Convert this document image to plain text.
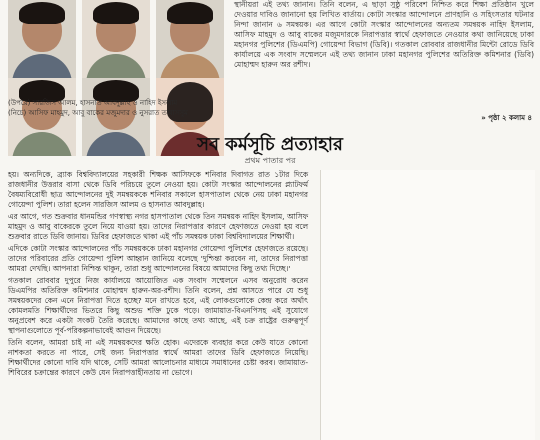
(উপরে) সারজিস আলম, হাসনাত আবদুল্লাহ ও নাহিদ ইসলাম
(নিচে) আসিফ মাহমুদ, আবু বাকের মজুমদার ও নুসরাত তাবাসসুম

স্থানীয়রা এই তথ্য জানান। তিনি বলেন, এ ছাড়া সুষ্ঠু পরিবেশ নিশ্চিত করে শিক্ষা প্রতিষ্ঠান খুলে দেওয়ার দাবিও জানানো হয় লিখিত বার্তায়। কোটা সংস্কার আন্দোলনে প্রাণহানি ও সহিংসতার ঘটনার নিন্দা জানান ৬ সমন্বয়ক। এর আগে কোটা সংস্কার আন্দোলনের অন্যতম সমন্বয়ক নাহিদ ইসলাম, আসিফ মাহমুদ ও আবু বাকের মজুমদারকে নিরাপত্তার স্বার্থে হেফাজতে নেওয়ার কথা জানিয়েছে ঢাকা মহানগর পুলিশের (ডিএমপি) গোয়েন্দা বিভাগ (ডিবি)। গতকাল রোববার রাজধানীর মিন্টো রোডে ডিবি কার্যালয়ে এক সংবাদ সম্মেলনে এই তথ্য জানান ঢাকা মহানগর পুলিশের অতিরিক্ত কমিশনার (ডিবি) মোহাম্মদ হারুন অর রশীদ।

» পৃষ্ঠা ২ কলাম ৪
সব কর্মসূচি প্রত্যাহার
প্রথম পাতার পর

হয়। অন্যদিকে, ব্র্যাক বিশ্ববিদ্যালয়ের সহকারী শিক্ষক আসিফকে শনিবার দিবাগত রাত ১টার দিকে রাজধানীর উত্তরার বাসা থেকে ডিবি পরিচয়ে তুলে নেওয়া হয়। কোটা সংস্কার আন্দোলনের প্ল্যাটফর্ম বৈষম্যবিরোধী ছাত্র আন্দোলনের দুই সমন্বয়ককে শনিবার সকালে হাসপাতাল থেকে নেয় ঢাকা মহানগর গোয়েন্দা পুলিশ। তারা হলেন সারজিস আলম ও হাসনাত আবদুল্লাহ।

এর আগে, গত শুক্রবার ধানমন্ডির গণস্বাস্থ্য নগর হাসপাতাল থেকে তিন সমন্বয়ক নাহিদ ইসলাম, আসিফ মাহমুদ ও আবু বাকেরকে তুলে নিয়ে যাওয়া হয়। তাদের নিরাপত্তার কারণে হেফাজতে নেওয়া হয় বলে শুক্রবার রাতে ডিবি জানায়। ডিবির হেফাজতে থাকা এই পাঁচ সমন্বয়ক ঢাকা বিশ্ববিদ্যালয়ের শিক্ষার্থী।

এদিকে কোটা সংস্কার আন্দোলনের পাঁচ সমন্বয়ককে ঢাকা মহানগর গোয়েন্দা পুলিশের হেফাজতে রয়েছে। তাদের পরিবারের প্রতি গোয়েন্দা পুলিশ আহ্বান জানিয়ে বলেছে 'দুশ্চিন্তা করবেন না, তাদের নিরাপত্তা আমরা দেখছি। আপনারা নিশ্চিন্ত থাকুন, তারা শুধু আন্দোলনের বিষয়ে আমাদের কিছু তথ্য দিচ্ছে।'

গতকাল রোববার দুপুরে নিজ কার্যালয়ে আয়োজিত এক সংবাদ সম্মেলনে এসব অনুরোধ করেন ডিএমপির অতিরিক্ত কমিশনার মোহাম্মদ হারুন-অর-রশীদ। তিনি বলেন, প্রশ্ন আসতে পারে যে শুধু সমন্বয়কদের কেন এনে নিরাপত্তা দিতে হচ্ছে? মনে রাখতে হবে, এই লোকগুলোকে কেন্দ্র করে অর্থাৎ কোমলমতি শিক্ষার্থীদের ভিতরে কিছু অশুভ শক্তি ঢুকে পড়ে। জামায়াত-বিএনপিসহ এই সুযোগে অনুপ্রবেশ করে একটা সংকট তৈরি করেছে। আমাদের কাছে তথ্য আছে, এই চক্র রাষ্ট্রের গুরুত্বপূর্ণ স্থাপনাগুলোতে পূর্ব-পরিকল্পনাভাবেই আগুন দিয়েছে।

তিনি বলেন, আমরা চাই না এই সমন্বয়কদের ক্ষতি হোক। এদেরকে ব্যবহার করে কেউ যাতে কোনো নাশকতা করতে না পারে, সেই জন্য নিরাপত্তার স্বার্থে আমরা তাদের ডিবি হেফাজতে নিয়েছি। শিক্ষার্থীদের কোনো দাবি যদি থাকে, সেটি আমরা আলোচনার মাধ্যমে সমাধানের চেষ্টা করব। জামায়াত-শিবিরের চক্রান্তের কারণে কেউ যেন নিরাপত্তাহীনতায় না ভোগে।
